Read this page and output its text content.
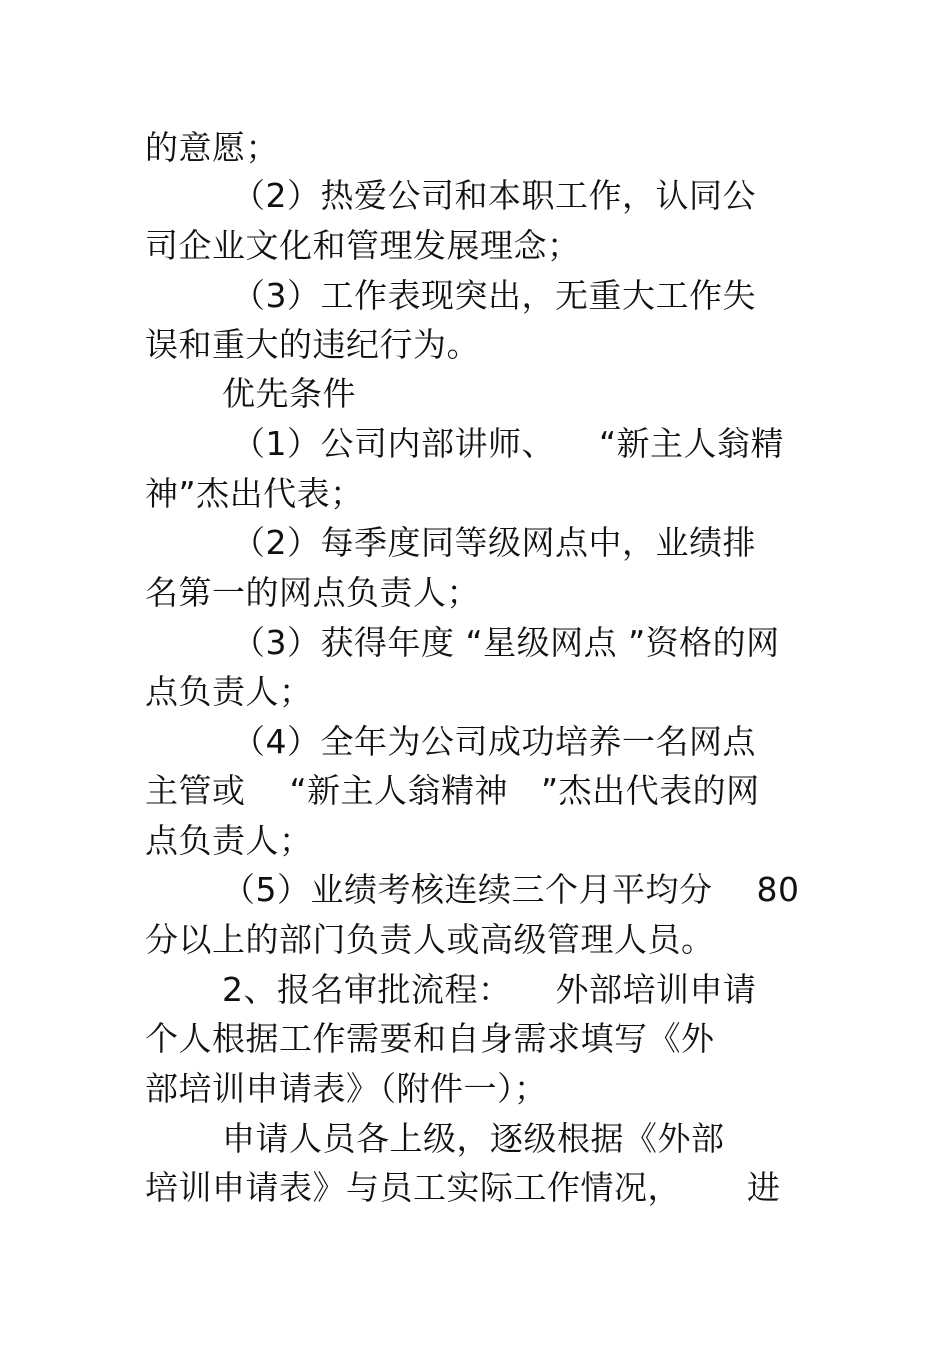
的意愿；
（2）热爱公司和本职工作，认同公
司企业文化和管理发展理念；
（3）工作表现突出，无重大工作失
误和重大的违纪行为。
优先条件
（1）公司内部讲师、    “新主人翁精
神”杰出代表；
（2）每季度同等级网点中，业绩排
名第一的网点负责人；
（3）获得年度 “星级网点 ”资格的网
点负责人；
（4）全年为公司成功培养一名网点
主管或    “新主人翁精神   ”杰出代表的网
点负责人；
（5）业绩考核连续三个月平均分    80
分以上的部门负责人或高级管理人员。
2、报名审批流程：    外部培训申请
个人根据工作需要和自身需求填写《外
部培训申请表》（附件一）；
申请人员各上级，逐级根据《外部
培训申请表》与员工实际工作情况，      进
